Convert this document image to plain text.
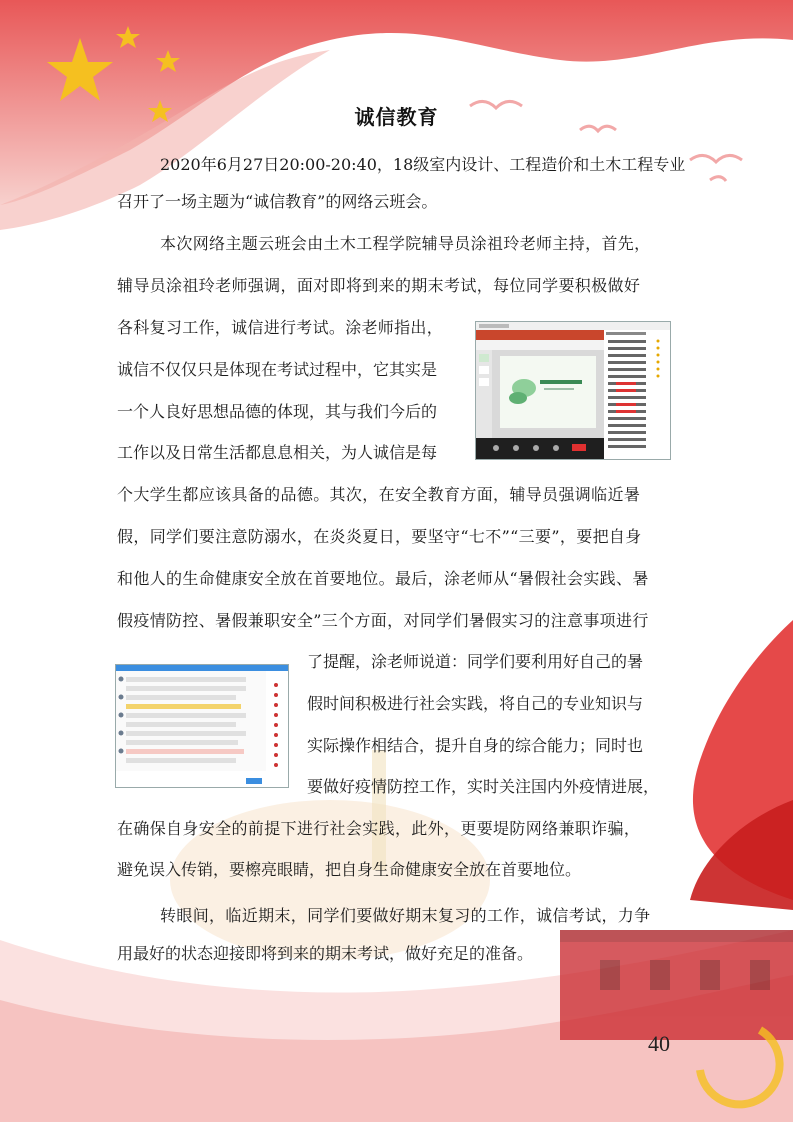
诚信教育
2020年6月27日20:00-20:40，18级室内设计、工程造价和土木工程专业
召开了一场主题为“诚信教育”的网络云班会。
本次网络主题云班会由土木工程学院辅导员涂祖玲老师主持，首先，
辅导员涂祖玲老师强调，面对即将到来的期末考试，每位同学要积极做好
各科复习工作，诚信进行考试。涂老师指出，
诚信不仅仅只是体现在考试过程中，它其实是
一个人良好思想品德的体现，其与我们今后的
工作以及日常生活都息息相关，为人诚信是每
个大学生都应该具备的品德。其次，在安全教育方面，辅导员强调临近暑
假，同学们要注意防溺水，在炎炎夏日，要坚守“七不”“三要”，要把自身
和他人的生命健康安全放在首要地位。最后，涂老师从“暑假社会实践、暑
假疫情防控、暑假兼职安全”三个方面，对同学们暑假实习的注意事项进行
了提醒，涂老师说道：同学们要利用好自己的暑
假时间积极进行社会实践，将自己的专业知识与
实际操作相结合，提升自身的综合能力；同时也
要做好疫情防控工作，实时关注国内外疫情进展，
在确保自身安全的前提下进行社会实践，此外，更要堤防网络兼职诈骗，
避免误入传销，要檫亮眼睛，把自身生命健康安全放在首要地位。
转眼间，临近期末，同学们要做好期末复习的工作，诚信考试，力争
用最好的状态迎接即将到来的期末考试，做好充足的准备。
40
